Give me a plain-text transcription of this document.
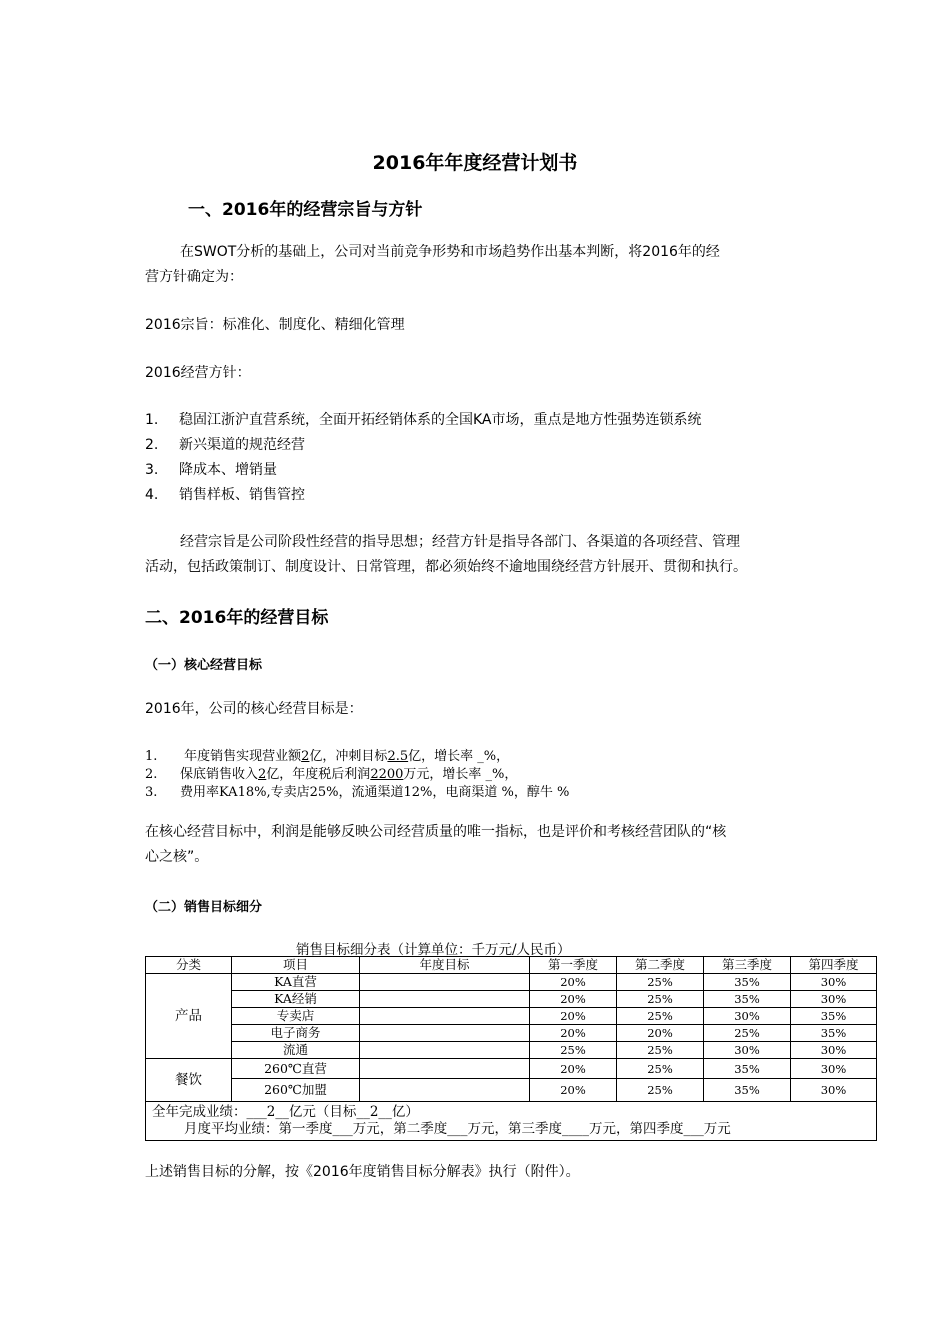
2016年年度经营计划书
一、2016年的经营宗旨与方针
在SWOT分析的基础上，公司对当前竞争形势和市场趋势作出基本判断，将2016年的经
营方针确定为：
2016宗旨：标准化、制度化、精细化管理
2016经营方针：
1. 稳固江浙沪直营系统，全面开拓经销体系的全国KA市场，重点是地方性强势连锁系统
2. 新兴渠道的规范经营
3. 降成本、增销量
4. 销售样板、销售管控
经营宗旨是公司阶段性经营的指导思想；经营方针是指导各部门、各渠道的各项经营、管理
活动，包括政策制订、制度设计、日常管理，都必须始终不逾地围绕经营方针展开、贯彻和执行。
二、2016年的经营目标
（一）核心经营目标
2016年，公司的核心经营目标是：
1. 年度销售实现营业额2亿，冲刺目标2.5亿，增长率 _%，
2. 保底销售收入2亿，年度税后利润2200万元，增长率 _%，
3. 费用率KA18%,专卖店25%，流通渠道12%，电商渠道 %，醇牛 %
在核心经营目标中，利润是能够反映公司经营质量的唯一指标，也是评价和考核经营团队的“核
心之核”。
（二）销售目标细分
销售目标细分表（计算单位：千万元/人民币）
分类	项目	年度目标	第一季度	第二季度	第三季度	第四季度
产品	KA直营		20%	25%	35%	30%
	KA经销		20%	25%	35%	30%
	专卖店		20%	25%	30%	35%
	电子商务		20%	20%	25%	35%
	流通		25%	25%	30%	30%
餐饮	260℃直营		20%	25%	35%	30%
	260℃加盟		20%	25%	35%	30%

全年完成业绩：___2__亿元（目标__2__亿）
月度平均业绩：第一季度___万元，第二季度___万元，第三季度____万元，第四季度___万元						
上述销售目标的分解，按《2016年度销售目标分解表》执行（附件）。
